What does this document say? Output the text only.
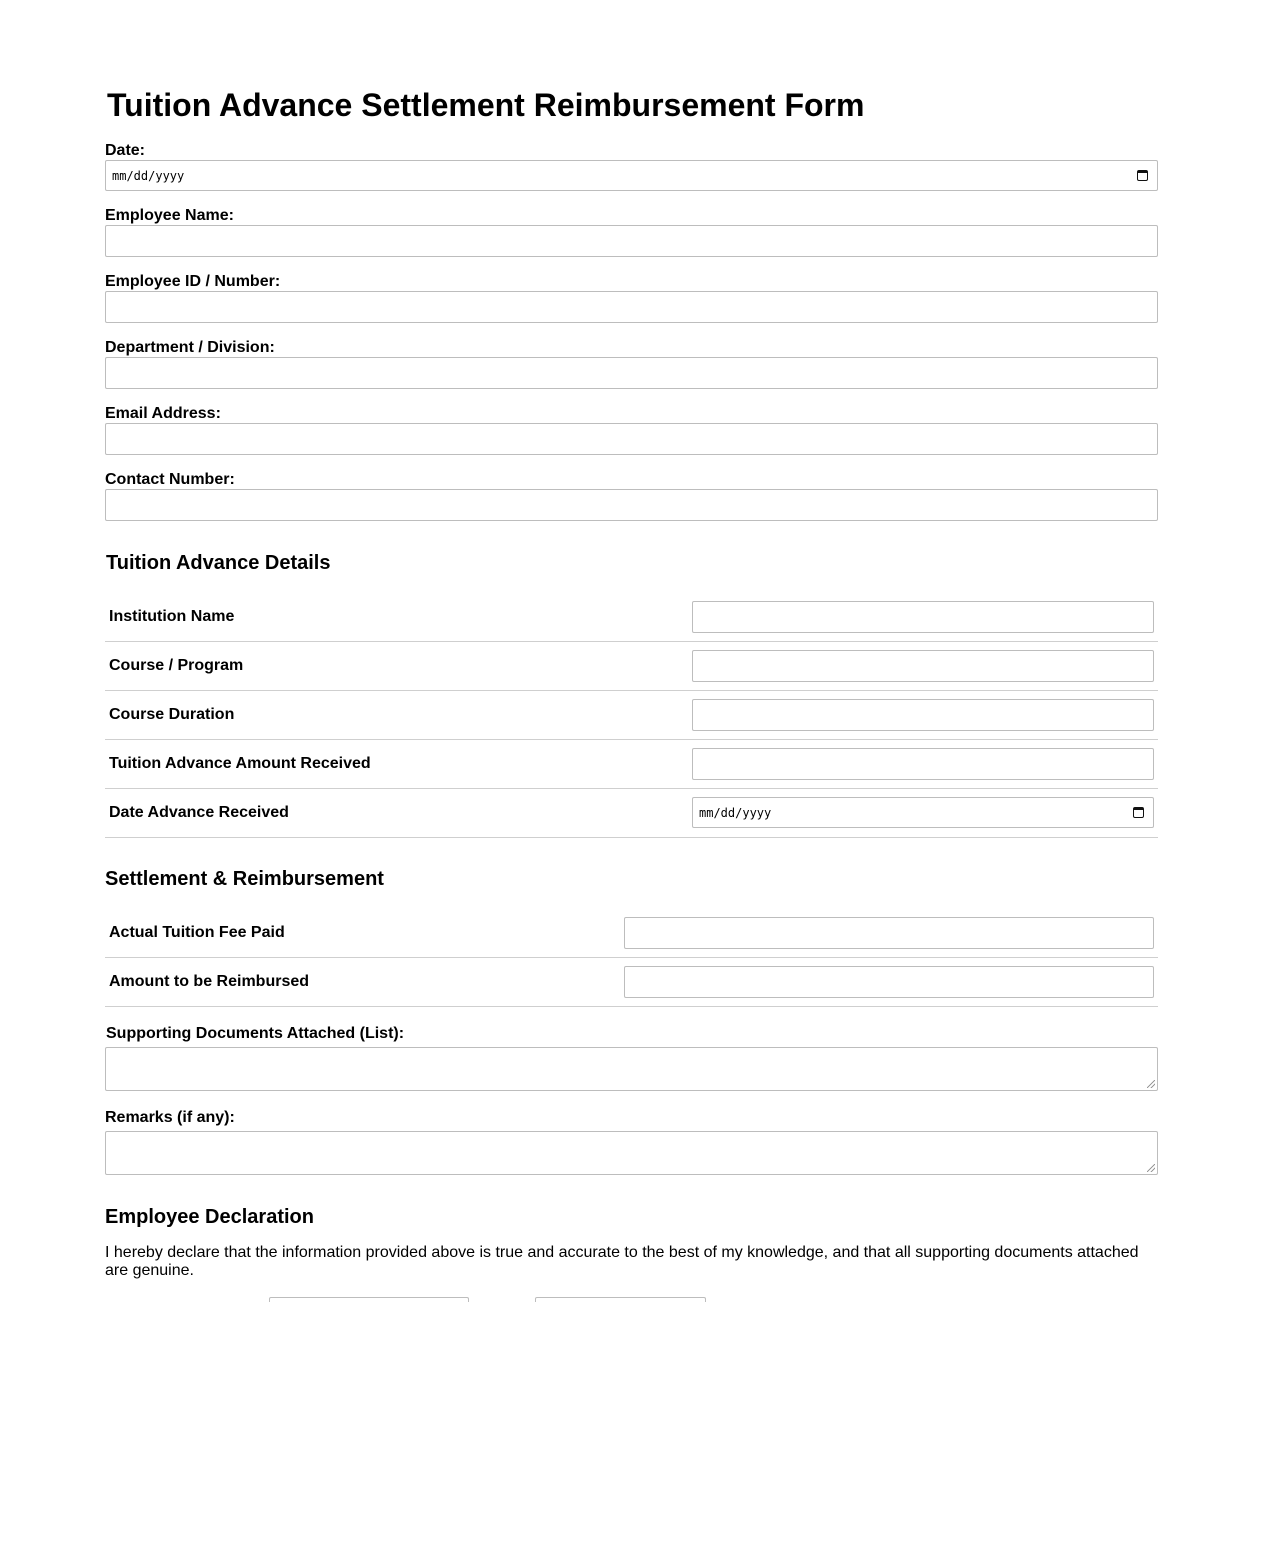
Tuition Advance Settlement Reimbursement Form
Date:
mm/dd/yyyy
Employee Name:
Employee ID / Number:
Department / Division:
Email Address:
Contact Number:
Tuition Advance Details
Institution Name
Course / Program
Course Duration
Tuition Advance Amount Received
Date Advance Received	mm/dd/yyyy
Settlement & Reimbursement
Actual Tuition Fee Paid
Amount to be Reimbursed
Supporting Documents Attached (List):
Remarks (if any):
Employee Declaration
I hereby declare that the information provided above is true and accurate to the best of my knowledge, and that all supporting documents attached are genuine.
